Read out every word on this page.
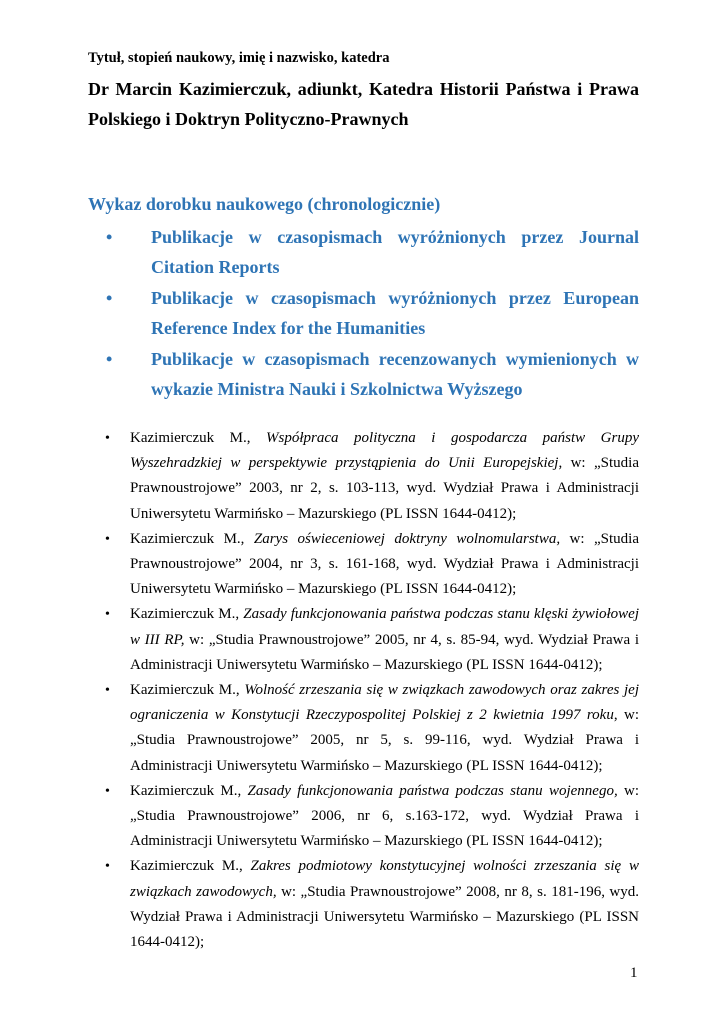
Tytuł, stopień naukowy, imię i nazwisko, katedra
Dr Marcin Kazimierczuk, adiunkt, Katedra Historii Państwa i Prawa Polskiego i Doktryn Polityczno-Prawnych
Wykaz dorobku naukowego (chronologicznie)
• Publikacje w czasopismach wyróżnionych przez Journal Citation Reports
• Publikacje w czasopismach wyróżnionych przez European Reference Index for the Humanities
• Publikacje w czasopismach recenzowanych wymienionych w wykazie Ministra Nauki i Szkolnictwa Wyższego
• Kazimierczuk M., Współpraca polityczna i gospodarcza państw Grupy Wyszehradzkiej w perspektywie przystąpienia do Unii Europejskiej, w: „Studia Prawnoustrojowe” 2003, nr 2, s. 103-113, wyd. Wydział Prawa i Administracji Uniwersytetu Warmińsko – Mazurskiego (PL ISSN 1644-0412);
• Kazimierczuk M., Zarys oświeceniowej doktryny wolnomularstwa, w: „Studia Prawnoustrojowe” 2004, nr 3, s. 161-168, wyd. Wydział Prawa i Administracji Uniwersytetu Warmińsko – Mazurskiego (PL ISSN 1644-0412);
• Kazimierczuk M., Zasady funkcjonowania państwa podczas stanu klęski żywiołowej w III RP, w: „Studia Prawnoustrojowe” 2005, nr 4, s. 85-94, wyd. Wydział Prawa i Administracji Uniwersytetu Warmińsko – Mazurskiego (PL ISSN 1644-0412);
• Kazimierczuk M., Wolność zrzeszania się w związkach zawodowych oraz zakres jej ograniczenia w Konstytucji Rzeczypospolitej Polskiej z 2 kwietnia 1997 roku, w: „Studia Prawnoustrojowe” 2005, nr 5, s. 99-116, wyd. Wydział Prawa i Administracji Uniwersytetu Warmińsko – Mazurskiego (PL ISSN 1644-0412);
• Kazimierczuk M., Zasady funkcjonowania państwa podczas stanu wojennego, w: „Studia Prawnoustrojowe” 2006, nr 6, s.163-172, wyd. Wydział Prawa i Administracji Uniwersytetu Warmińsko – Mazurskiego (PL ISSN 1644-0412);
• Kazimierczuk M., Zakres podmiotowy konstytucyjnej wolności zrzeszania się w związkach zawodowych, w: „Studia Prawnoustrojowe” 2008, nr 8, s. 181-196, wyd. Wydział Prawa i Administracji Uniwersytetu Warmińsko – Mazurskiego (PL ISSN 1644-0412);
1
